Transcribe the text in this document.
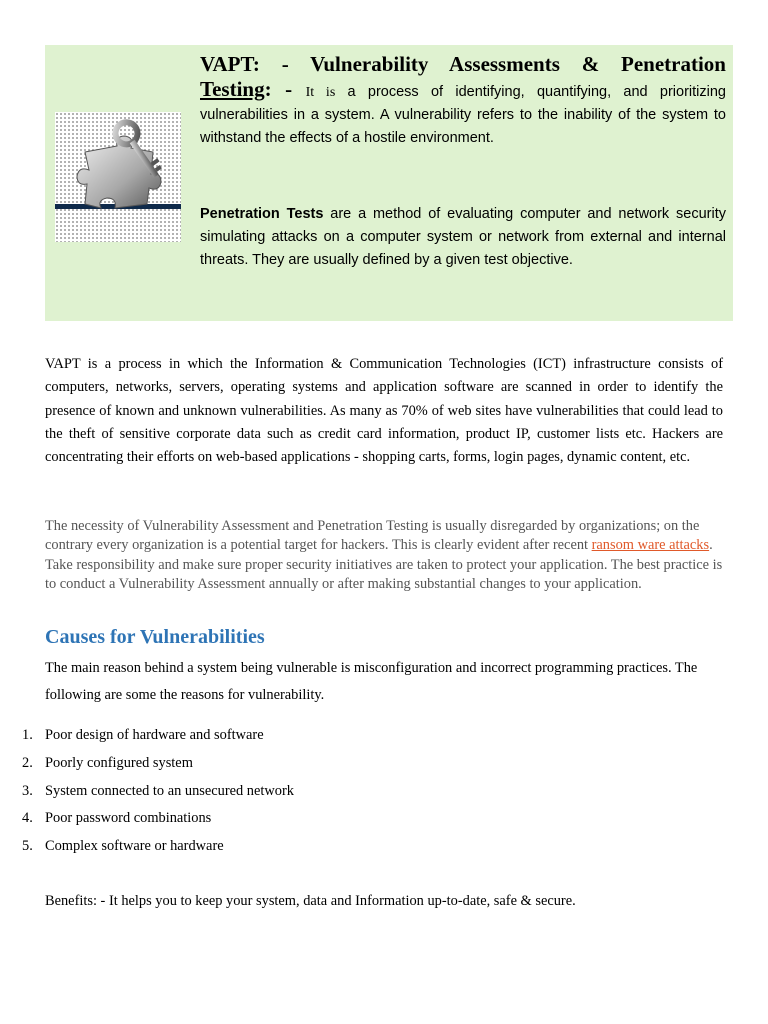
VAPT: - Vulnerability Assessments & Penetration

Testing: - It is a process of identifying, quantifying, and prioritizing vulnerabilities in a system. A vulnerability refers to the inability of the system to withstand the effects of a hostile environment.

Penetration Tests are a method of evaluating computer and network security simulating attacks on a computer system or network from external and internal threats. They are usually defined by a given test objective.

VAPT is a process in which the Information & Communication Technologies (ICT) infrastructure consists of computers, networks, servers, operating systems and application software are scanned in order to identify the presence of known and unknown vulnerabilities. As many as 70% of web sites have vulnerabilities that could lead to the theft of sensitive corporate data such as credit card information, product IP, customer lists etc. Hackers are concentrating their efforts on web-based applications - shopping carts, forms, login pages, dynamic content, etc.

The necessity of Vulnerability Assessment and Penetration Testing is usually disregarded by organizations; on the contrary every organization is a potential target for hackers. This is clearly evident after recent ransom ware attacks. Take responsibility and make sure proper security initiatives are taken to protect your application. The best practice is to conduct a Vulnerability Assessment annually or after making substantial changes to your application.

Causes for Vulnerabilities

The main reason behind a system being vulnerable is misconfiguration and incorrect programming practices. The following are some the reasons for vulnerability.

1. Poor design of hardware and software
2. Poorly configured system
3. System connected to an unsecured network
4. Poor password combinations
5. Complex software or hardware

Benefits: - It helps you to keep your system, data and Information up-to-date, safe & secure.
